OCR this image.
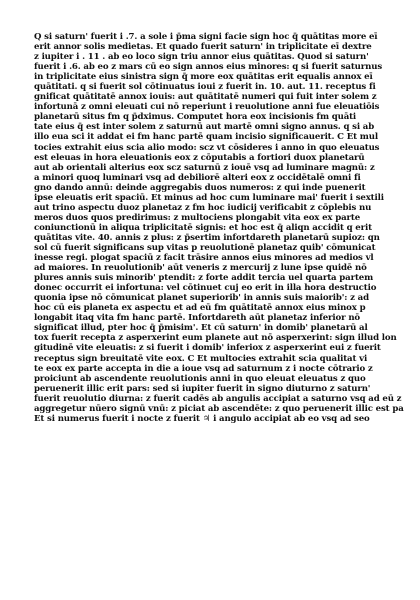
Q si saturn' fuerit i .7. a sole i p̄ma signi facie sign hoc q̄ quātitas more eī
erit annor solis medietas. Et quado fuerit saturn' in triplicitate eī dextre
z iupiter i . 11 . ab eo loco sign triu annor eius quātitas. Quod si saturn'
fuerit i .6. ab eo z mars cū eo sign annos eius minores: q si fuerit saturnus
in triplicitate eius sinistra sign q̄ more eox quātitas erit equalis annox eī
quātitati. q si fuerit sol cōtinuatus ioui z fuerit in. 10. aut. 11. receptus fi
gnificat quātitatē annox iouis: aut quātitatē numeri qui fuit inter solem z
infortunā z omni eleuati cui nō reperiunt i reuolutione anni fue eleuatiōis
planetarū situs fm q p̄dximus. Computet hora eox incisionis fm quāti
tate eius q̄ est inter solem z saturnū aut martē omni signo annus. q si ab
illo eua sci it addat ei fm hanc partē quam incisio significauerit. C Et mul
tocies extrahit eius scia alio modo: scz vt cōsideres i anno in quo eleuatus
est eleuas in hora eleuationis eox z cōputabis a fortiori duox planetarū
aut ab orientali alterius eox scz saturnū z iouē vsq ad luminare magnū: z
a minori quoq luminari vsq ad debiliorē alteri eox z occidētalē omni fi
gno dando annū: deinde aggregabis duos numeros: z qui inde puenerit
ipse eleuatis erit spaciū. Et minus ad hoc cum luminare mai' fuerit i sextili
aut trino aspectu duoz planetaz z fm hoc iudicij verificabit z cōplebis nu
meros duos quos predirimus: z multociens plongabit vita eox ex parte
coniunctionū in aliqua triplicitatē signis: et hoc est q̄ aliqn accidit q erit
quātitas vite. 40. annis z plus: z p̄sertim infortdareth planetarū supioz: qn
sol cū fuerit significans sup vitas p reuolutionē planetaz quib' cōmunicat
inesse regi. plogat spaciū z facit trāsire annos eius minores ad medios vl
ad maiores. In reuolutionib' aūt veneris z mercurij z lune ipse quidē nō
plures annis suis minorib' ptendit: z forte addit tercia uel quarta partem
donec occurrit ei infortuna: vel cōtinuet cuj eo erit in illa hora destructio
quonia ipse nō cōmunicat planet superiorib' in annis suis maiorib': z ad
hoc cū eis planeta ex aspectu et ad eū fm quātitatē annox eius minox p
longabit itaq vita fm hanc partē. Infortdareth aūt planetaz inferior nō
significat illud, pter hoc q̄ p̄misim'. Et cū saturn' in domib' planetarū al
tox fuerit recepta z asperxerint eum planete aut nō asperxerint: sign illud lon
gitudinē vite eleuatis: z si fuerit i domib' inferiox z asperxerint eui z fuerit
receptus sign breuitatē vite eox. C Et multocies extrahit scia qualitat vi
te eox ex parte accepta in die a ioue vsq ad saturnum z i nocte cōtrario z
proiciunt ab ascendente reuolutionis anni in quo eleuat eleuatus z quo
peruenerit illic erit pars: sed si iupiter fuerit in signo diuturno z saturn'
fuerit reuolutio diurna: z fuerit cadēs ab angulis accipiat a saturno vsq ad eū z
aggregetur nūero signū vnū: z piciat ab ascendēte: z quo peruenerit illic est pa
Et si numerus fuerit i nocte z fuerit ♃ i angulo accipiat ab eo vsq ad seo
